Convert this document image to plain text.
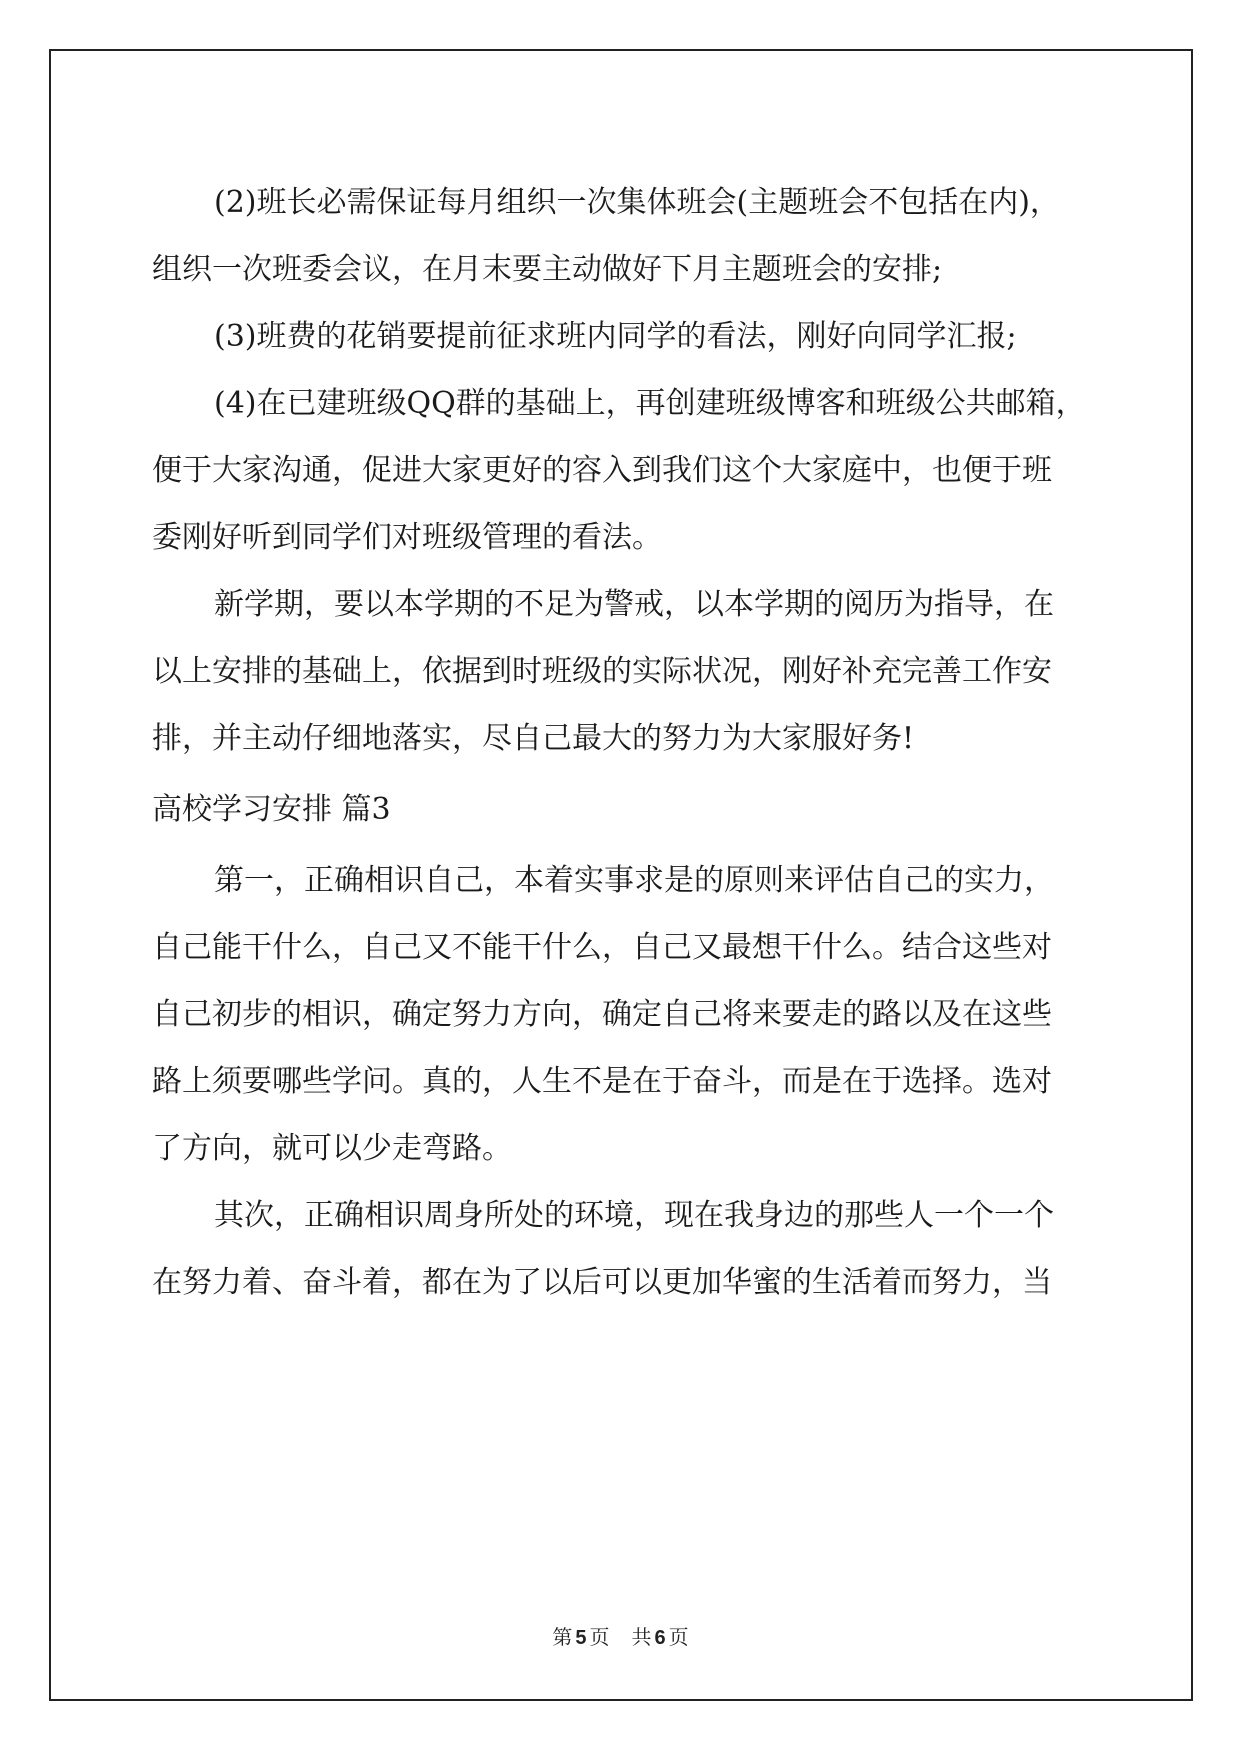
(2)班长必需保证每月组织一次集体班会(主题班会不包括在内)，
组织一次班委会议，在月末要主动做好下月主题班会的安排;
(3)班费的花销要提前征求班内同学的看法，刚好向同学汇报;
(4)在已建班级QQ群的基础上，再创建班级博客和班级公共邮箱，
便于大家沟通，促进大家更好的容入到我们这个大家庭中，也便于班
委刚好听到同学们对班级管理的看法。
新学期，要以本学期的不足为警戒，以本学期的阅历为指导，在
以上安排的基础上，依据到时班级的实际状况，刚好补充完善工作安
排，并主动仔细地落实，尽自己最大的努力为大家服好务!
高校学习安排 篇3
第一，正确相识自己，本着实事求是的原则来评估自己的实力，
自己能干什么，自己又不能干什么，自己又最想干什么。结合这些对
自己初步的相识，确定努力方向，确定自己将来要走的路以及在这些
路上须要哪些学问。真的，人生不是在于奋斗，而是在于选择。选对
了方向，就可以少走弯路。
其次，正确相识周身所处的环境，现在我身边的那些人一个一个
在努力着、奋斗着，都在为了以后可以更加华蜜的生活着而努力，当
第 5 页 共 6 页
